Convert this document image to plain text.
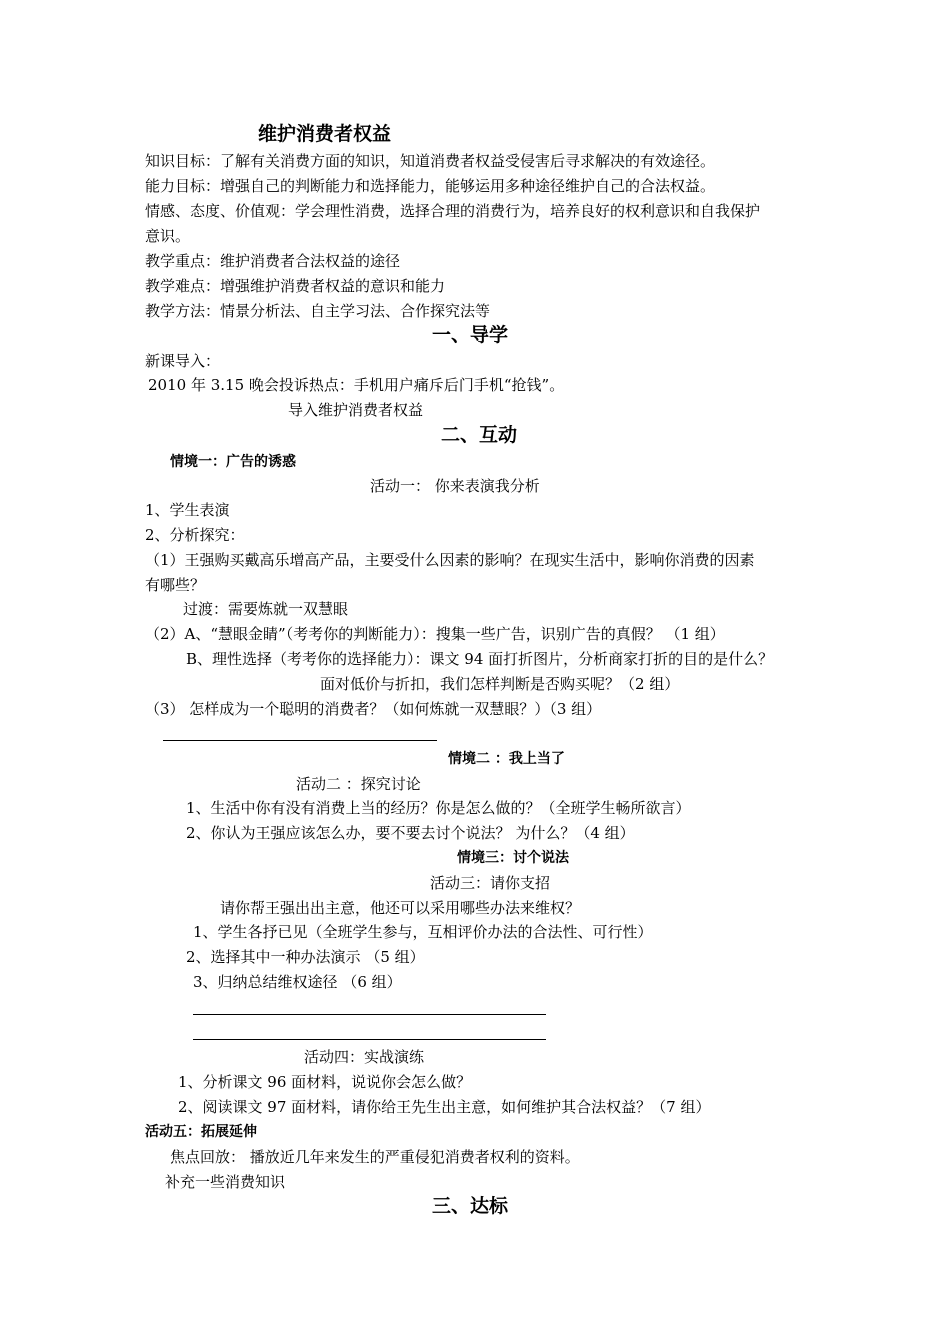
维护消费者权益
知识目标：了解有关消费方面的知识，知道消费者权益受侵害后寻求解决的有效途径。
能力目标：增强自己的判断能力和选择能力，能够运用多种途径维护自己的合法权益。
情感、态度、价值观：学会理性消费，选择合理的消费行为，培养良好的权利意识和自我保护
意识。
教学重点：维护消费者合法权益的途径
教学难点：增强维护消费者权益的意识和能力
教学方法：情景分析法、自主学习法、合作探究法等
一、导学
新课导入：
2010 年 3.15 晚会投诉热点：手机用户痛斥后门手机“抢钱”。
导入维护消费者权益
二、互动
情境一：广告的诱惑
活动一： 你来表演我分析
1、学生表演
2、分析探究：
（1）王强购买戴高乐增高产品，主要受什么因素的影响？在现实生活中，影响你消费的因素
有哪些？
过渡：需要炼就一双慧眼
（2）A、“慧眼金睛”（考考你的判断能力）：搜集一些广告，识别广告的真假？ （1 组）
B、理性选择（考考你的选择能力）：课文 94 面打折图片，分析商家打折的目的是什么？
面对低价与折扣，我们怎样判断是否购买呢？（2 组）
（3） 怎样成为一个聪明的消费者？（如何炼就一双慧眼？）（3 组）
情境二 ：我上当了
活动二 ：探究讨论
1、生活中你有没有消费上当的经历？你是怎么做的？（全班学生畅所欲言）
2、你认为王强应该怎么办，要不要去讨个说法？ 为什么？（4 组）
情境三：讨个说法
活动三：请你支招
请你帮王强出出主意，他还可以采用哪些办法来维权？
1、学生各抒已见（全班学生参与，互相评价办法的合法性、可行性）
2、选择其中一种办法演示 （5 组）
3、归纳总结维权途径 （6 组）
活动四：实战演练
1、分析课文 96 面材料，说说你会怎么做？
2、阅读课文 97 面材料，请你给王先生出主意，如何维护其合法权益？（7 组）
活动五：拓展延伸
焦点回放： 播放近几年来发生的严重侵犯消费者权利的资料。
补充一些消费知识
三、达标
